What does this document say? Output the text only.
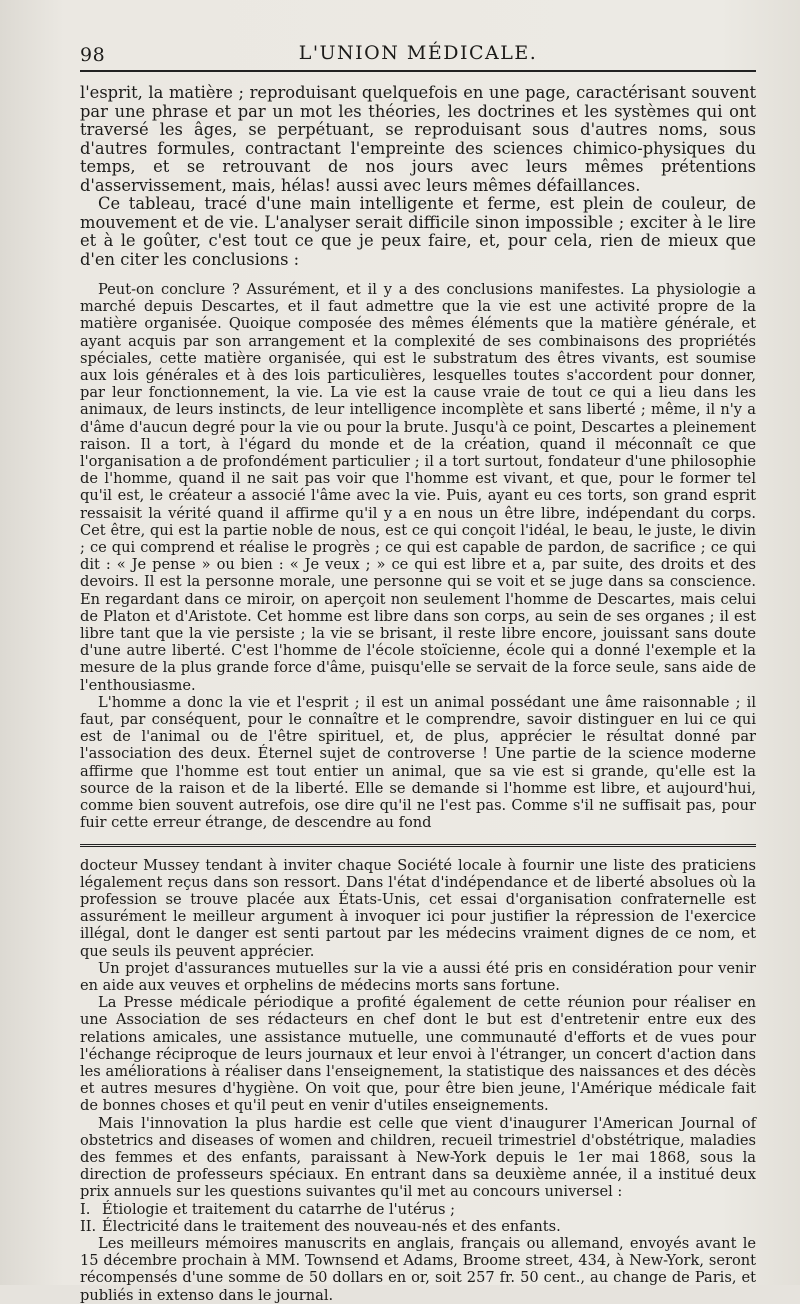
98	L'UNION MÉDICALE.

l'esprit, la matière ; reproduisant quelquefois en une page, caractérisant souvent par une phrase et par un mot les théories, les doctrines et les systèmes qui ont traversé les âges, se perpétuant, se reproduisant sous d'autres noms, sous d'autres formules, contractant l'empreinte des sciences chimico-physiques du temps, et se retrouvant de nos jours avec leurs mêmes prétentions d'asservissement, mais, hélas! aussi avec leurs mêmes défaillances.

Ce tableau, tracé d'une main intelligente et ferme, est plein de couleur, de mouvement et de vie. L'analyser serait difficile sinon impossible ; exciter à le lire et à le goûter, c'est tout ce que je peux faire, et, pour cela, rien de mieux que d'en citer les conclusions :

Peut-on conclure ? Assurément, et il y a des conclusions manifestes. La physiologie a marché depuis Descartes, et il faut admettre que la vie est une activité propre de la matière organisée. Quoique composée des mêmes éléments que la matière générale, et ayant acquis par son arrangement et la complexité de ses combinaisons des propriétés spéciales, cette matière organisée, qui est le substratum des êtres vivants, est soumise aux lois générales et à des lois particulières, lesquelles toutes s'accordent pour donner, par leur fonctionnement, la vie. La vie est la cause vraie de tout ce qui a lieu dans les animaux, de leurs instincts, de leur intelligence incomplète et sans liberté ; même, il n'y a d'âme d'aucun degré pour la vie ou pour la brute. Jusqu'à ce point, Descartes a pleinement raison. Il a tort, à l'égard du monde et de la création, quand il méconnaît ce que l'organisation a de profondément particulier ; il a tort surtout, fondateur d'une philosophie de l'homme, quand il ne sait pas voir que l'homme est vivant, et que, pour le former tel qu'il est, le créateur a associé l'âme avec la vie. Puis, ayant eu ces torts, son grand esprit ressaisit la vérité quand il affirme qu'il y a en nous un être libre, indépendant du corps. Cet être, qui est la partie noble de nous, est ce qui conçoit l'idéal, le beau, le juste, le divin ; ce qui comprend et réalise le progrès ; ce qui est capable de pardon, de sacrifice ; ce qui dit : « Je pense » ou bien : « Je veux ; » ce qui est libre et a, par suite, des droits et des devoirs. Il est la personne morale, une personne qui se voit et se juge dans sa conscience. En regardant dans ce miroir, on aperçoit non seulement l'homme de Descartes, mais celui de Platon et d'Aristote. Cet homme est libre dans son corps, au sein de ses organes ; il est libre tant que la vie persiste ; la vie se brisant, il reste libre encore, jouissant sans doute d'une autre liberté. C'est l'homme de l'école stoïcienne, école qui a donné l'exemple et la mesure de la plus grande force d'âme, puisqu'elle se servait de la force seule, sans aide de l'enthousiasme.

L'homme a donc la vie et l'esprit ; il est un animal possédant une âme raisonnable ; il faut, par conséquent, pour le connaître et le comprendre, savoir distinguer en lui ce qui est de l'animal ou de l'être spirituel, et, de plus, apprécier le résultat donné par l'association des deux. Éternel sujet de controverse ! Une partie de la science moderne affirme que l'homme est tout entier un animal, que sa vie est si grande, qu'elle est la source de la raison et de la liberté. Elle se demande si l'homme est libre, et aujourd'hui, comme bien souvent autrefois, ose dire qu'il ne l'est pas. Comme s'il ne suffisait pas, pour fuir cette erreur étrange, de descendre au fond

docteur Mussey tendant à inviter chaque Société locale à fournir une liste des praticiens légalement reçus dans son ressort. Dans l'état d'indépendance et de liberté absolues où la profession se trouve placée aux États-Unis, cet essai d'organisation confraternelle est assurément le meilleur argument à invoquer ici pour justifier la répression de l'exercice illégal, dont le danger est senti partout par les médecins vraiment dignes de ce nom, et que seuls ils peuvent apprécier.

Un projet d'assurances mutuelles sur la vie a aussi été pris en considération pour venir en aide aux veuves et orphelins de médecins morts sans fortune.

La Presse médicale périodique a profité également de cette réunion pour réaliser en une Association de ses rédacteurs en chef dont le but est d'entretenir entre eux des relations amicales, une assistance mutuelle, une communauté d'efforts et de vues pour l'échange réciproque de leurs journaux et leur envoi à l'étranger, un concert d'action dans les améliorations à réaliser dans l'enseignement, la statistique des naissances et des décès et autres mesures d'hygiène. On voit que, pour être bien jeune, l'Amérique médicale fait de bonnes choses et qu'il peut en venir d'utiles enseignements.

Mais l'innovation la plus hardie est celle que vient d'inaugurer l'American Journal of obstetrics and diseases of women and children, recueil trimestriel d'obstétrique, maladies des femmes et des enfants, paraissant à New-York depuis le 1er mai 1868, sous la direction de professeurs spéciaux. En entrant dans sa deuxième année, il a institué deux prix annuels sur les questions suivantes qu'il met au concours universel :

I. Étiologie et traitement du catarrhe de l'utérus ;
II. Électricité dans le traitement des nouveau-nés et des enfants.

Les meilleurs mémoires manuscrits en anglais, français ou allemand, envoyés avant le 15 décembre prochain à MM. Townsend et Adams, Broome street, 434, à New-York, seront récompensés d'une somme de 50 dollars en or, soit 257 fr. 50 cent., au change de Paris, et publiés in extenso dans le journal.
